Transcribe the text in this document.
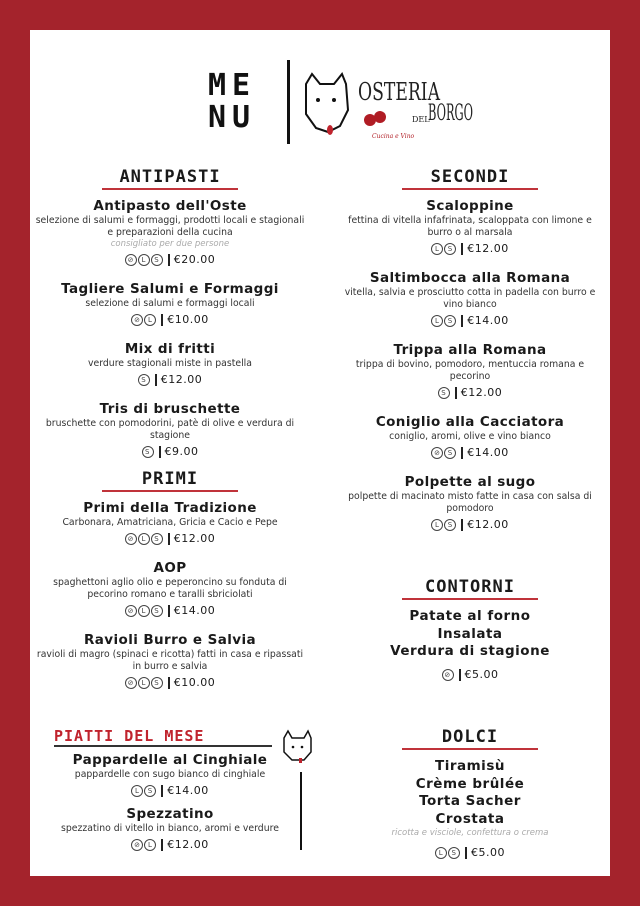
ME
NU
OSTERIA
BORGO
DEL
Cucina e Vino
ANTIPASTI
Antipasto dell'Oste
selezione di salumi e formaggi, prodotti locali e stagionali e preparazioni della cucina
consigliato per due persone
⊘ L S €20.00
Tagliere Salumi e Formaggi
selezione di salumi e formaggi locali
⊘ L €10.00
Mix di fritti
verdure stagionali miste in pastella
S €12.00
Tris di bruschette
bruschette con pomodorini, patè di olive e verdura di stagione
S €9.00
PRIMI
Primi della Tradizione
Carbonara, Amatriciana, Gricia e Cacio e Pepe
⊘ L S €12.00
AOP
spaghettoni aglio olio e peperoncino su fonduta di pecorino romano e taralli sbriciolati
⊘ L S €14.00
Ravioli Burro e Salvia
ravioli di magro (spinaci e ricotta) fatti in casa e ripassati in burro e salvia
⊘ L S €10.00
PIATTI DEL MESE
Pappardelle al Cinghiale
pappardelle con sugo bianco di cinghiale
L S €14.00
Spezzatino
spezzatino di vitello in bianco, aromi e verdure
⊘ L €12.00
SECONDI
Scaloppine
fettina di vitella infafrinata, scaloppata con limone e burro o al marsala
L S €12.00
Saltimbocca alla Romana
vitella, salvia e prosciutto cotta in padella con burro e vino bianco
L S €14.00
Trippa alla Romana
trippa di bovino, pomodoro, mentuccia romana e pecorino
S €12.00
Coniglio alla Cacciatora
coniglio, aromi, olive e vino bianco
⊘ S €14.00
Polpette al sugo
polpette di macinato misto fatte in casa con salsa di pomodoro
L S €12.00
CONTORNI
Patate al forno
Insalata
Verdura di stagione
⊘ €5.00
DOLCI
Tiramisù
Crème brûlée
Torta Sacher
Crostata
ricotta e visciole, confettura o crema
L S €5.00
